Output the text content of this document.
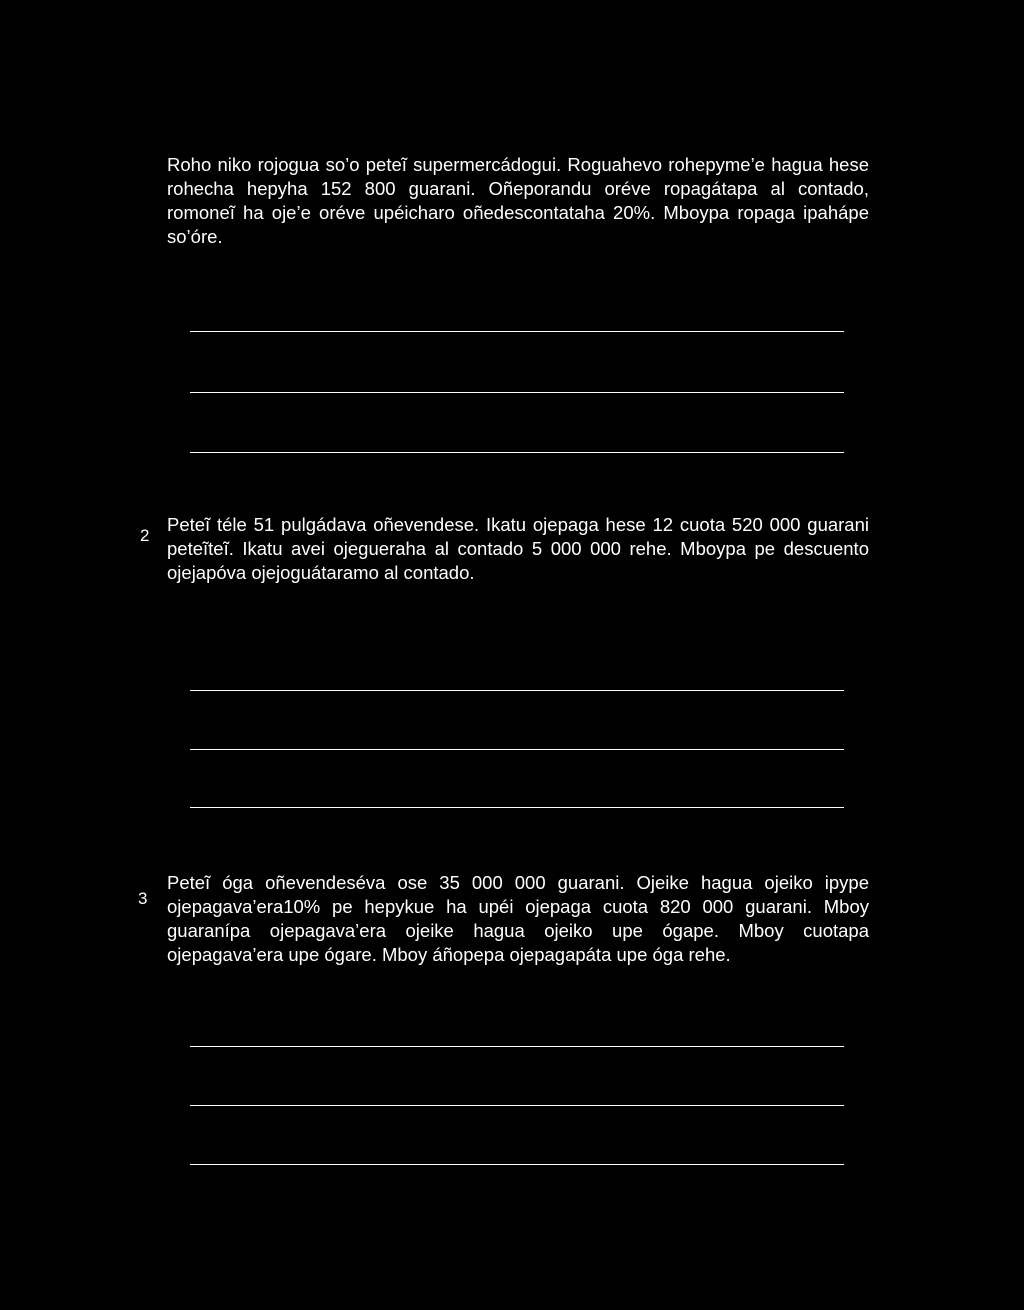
Roho niko rojogua so’o peteĩ supermercádogui. Roguahevo rohepyme’e hagua hese rohecha hepyha 152 800 guarani. Oñeporandu oréve ropagátapa al contado, romoneĩ ha oje’e oréve upéicharo oñedescontataha 20%. Mboypa ropaga ipahápe so’óre.

2

Peteĩ téle 51 pulgádava oñevendese. Ikatu ojepaga hese 12 cuota 520 000 guarani peteĩteĩ. Ikatu avei ojegueraha al contado 5 000 000 rehe. Mboypa pe descuento ojejapóva ojejoguátaramo al contado.

3

Peteĩ óga oñevendeséva ose 35 000 000 guarani. Ojeike hagua ojeiko ipype ojepagava’era10% pe hepykue ha upéi ojepaga cuota 820 000 guarani. Mboy guaranípa ojepagava’era ojeike hagua ojeiko upe ógape. Mboy cuotapa ojepagava’era upe ógare. Mboy áñopepa ojepagapáta upe óga rehe.
